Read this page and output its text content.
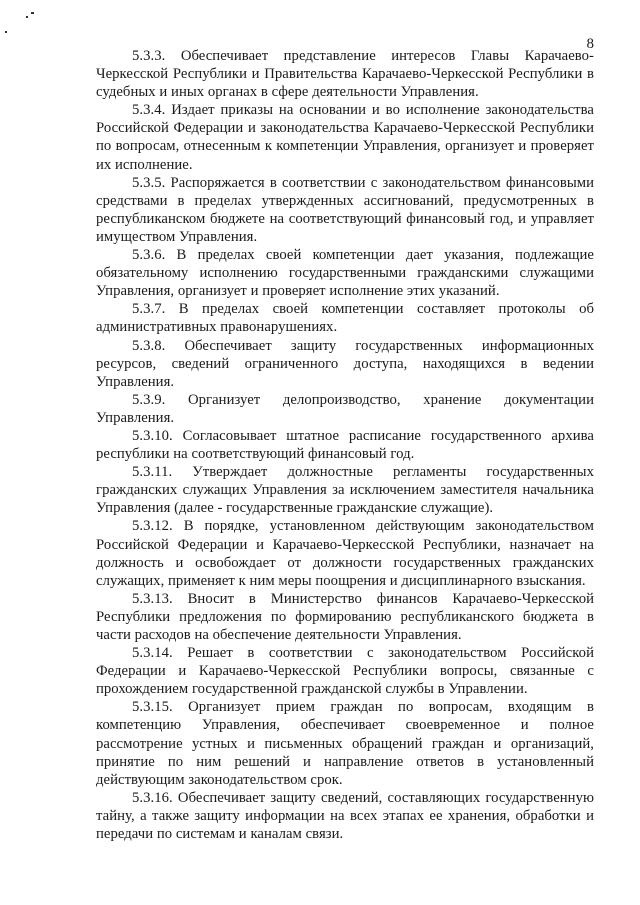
8

5.3.3. Обеспечивает представление интересов Главы Карачаево-Черкесской Республики и Правительства Карачаево-Черкесской Республики в судебных и иных органах в сфере деятельности Управления.

5.3.4. Издает приказы на основании и во исполнение законодательства Российской Федерации и законодательства Карачаево-Черкесской Республики по вопросам, отнесенным к компетенции Управления, организует и проверяет их исполнение.

5.3.5. Распоряжается в соответствии с законодательством финансовыми средствами в пределах утвержденных ассигнований, предусмотренных в республиканском бюджете на соответствующий финансовый год, и управляет имуществом Управления.

5.3.6. В пределах своей компетенции дает указания, подлежащие обязательному исполнению государственными гражданскими служащими Управления, организует и проверяет исполнение этих указаний.

5.3.7. В пределах своей компетенции составляет протоколы об административных правонарушениях.

5.3.8. Обеспечивает защиту государственных информационных ресурсов, сведений ограниченного доступа, находящихся в ведении Управления.

5.3.9. Организует делопроизводство, хранение документации Управления.

5.3.10. Согласовывает штатное расписание государственного архива республики на соответствующий финансовый год.

5.3.11. Утверждает должностные регламенты государственных гражданских служащих Управления за исключением заместителя начальника Управления (далее - государственные гражданские служащие).

5.3.12. В порядке, установленном действующим законодательством Российской Федерации и Карачаево-Черкесской Республики, назначает на должность и освобождает от должности государственных гражданских служащих, применяет к ним меры поощрения и дисциплинарного взыскания.

5.3.13. Вносит в Министерство финансов Карачаево-Черкесской Республики предложения по формированию республиканского бюджета в части расходов на обеспечение деятельности Управления.

5.3.14. Решает в соответствии с законодательством Российской Федерации и Карачаево-Черкесской Республики вопросы, связанные с прохождением государственной гражданской службы в Управлении.

5.3.15. Организует прием граждан по вопросам, входящим в компетенцию Управления, обеспечивает своевременное и полное рассмотрение устных и письменных обращений граждан и организаций, принятие по ним решений и направление ответов в установленный действующим законодательством срок.

5.3.16. Обеспечивает защиту сведений, составляющих государственную тайну, а также защиту информации на всех этапах ее хранения, обработки и передачи по системам и каналам связи.
